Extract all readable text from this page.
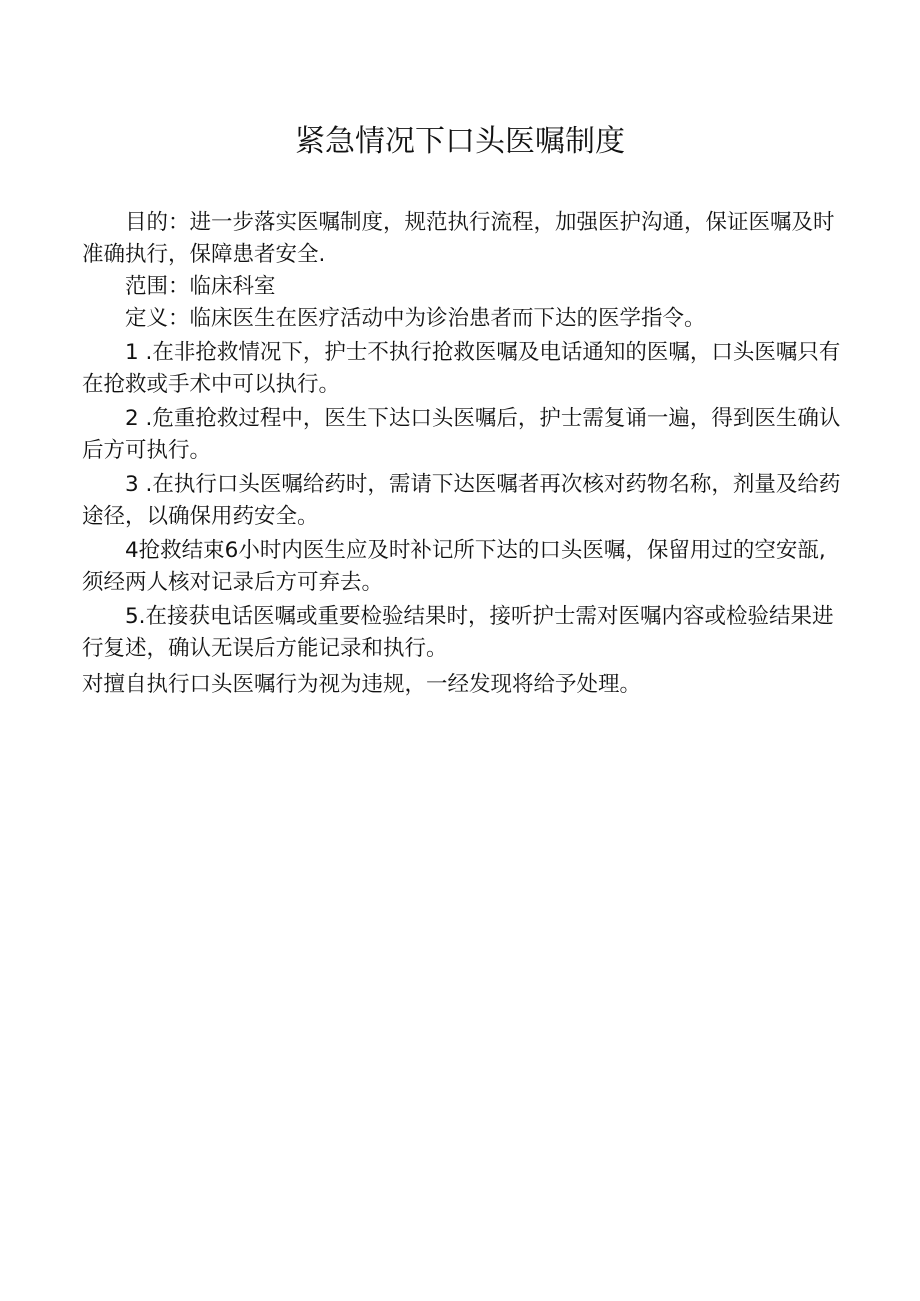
紧急情况下口头医嘱制度

目的：进一步落实医嘱制度，规范执行流程，加强医护沟通，保证医嘱及时准确执行，保障患者安全.

范围：临床科室

定义：临床医生在医疗活动中为诊治患者而下达的医学指令。

1 .在非抢救情况下，护士不执行抢救医嘱及电话通知的医嘱，口头医嘱只有在抢救或手术中可以执行。

2 .危重抢救过程中，医生下达口头医嘱后，护士需复诵一遍，得到医生确认后方可执行。

3 .在执行口头医嘱给药时，需请下达医嘱者再次核对药物名称，剂量及给药途径，以确保用药安全。

4抢救结束6小时内医生应及时补记所下达的口头医嘱，保留用过的空安瓿,须经两人核对记录后方可弃去。

5.在接获电话医嘱或重要检验结果时，接听护士需对医嘱内容或检验结果进行复述，确认无误后方能记录和执行。

对擅自执行口头医嘱行为视为违规，一经发现将给予处理。
